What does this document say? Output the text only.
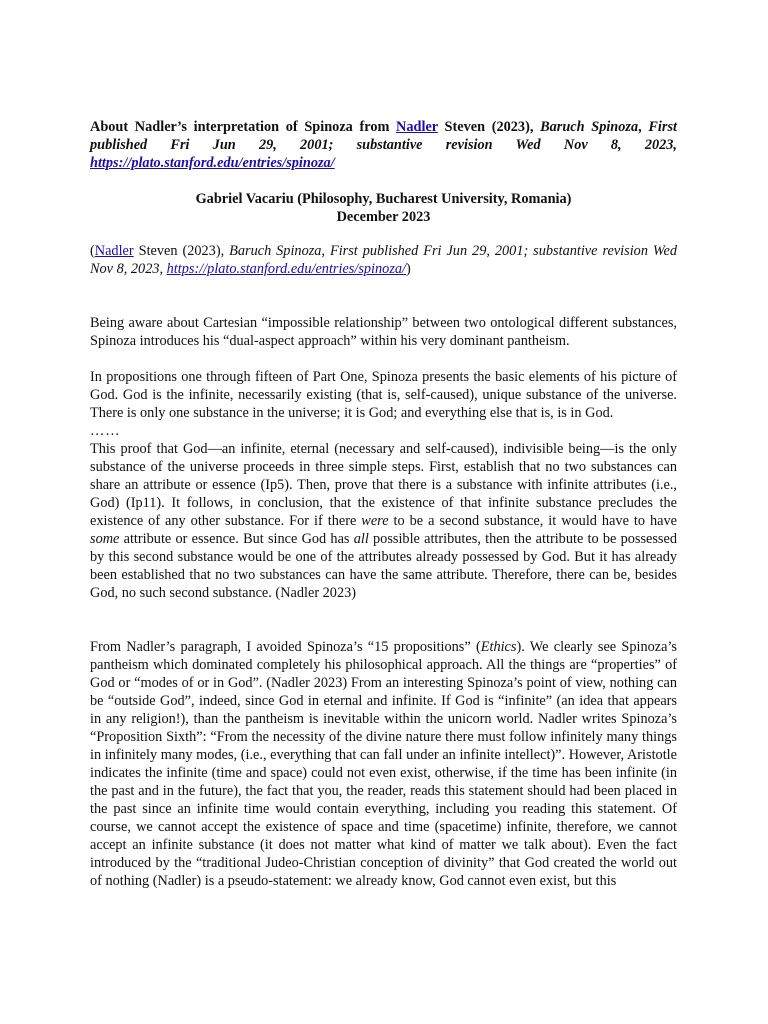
About Nadler’s interpretation of Spinoza from Nadler Steven (2023), Baruch Spinoza, First published Fri Jun 29, 2001; substantive revision Wed Nov 8, 2023, https://plato.stanford.edu/entries/spinoza/

Gabriel Vacariu (Philosophy, Bucharest University, Romania)
December 2023

(Nadler Steven (2023), Baruch Spinoza, First published Fri Jun 29, 2001; substantive revision Wed Nov 8, 2023, https://plato.stanford.edu/entries/spinoza/)

Being aware about Cartesian “impossible relationship” between two ontological different substances, Spinoza introduces his “dual-aspect approach” within his very dominant pantheism.

In propositions one through fifteen of Part One, Spinoza presents the basic elements of his picture of God. God is the infinite, necessarily existing (that is, self-caused), unique substance of the universe. There is only one substance in the universe; it is God; and everything else that is, is in God.

……

This proof that God—an infinite, eternal (necessary and self-caused), indivisible being—is the only substance of the universe proceeds in three simple steps. First, establish that no two substances can share an attribute or essence (Ip5). Then, prove that there is a substance with infinite attributes (i.e., God) (Ip11). It follows, in conclusion, that the existence of that infinite substance precludes the existence of any other substance. For if there were to be a second substance, it would have to have some attribute or essence. But since God has all possible attributes, then the attribute to be possessed by this second substance would be one of the attributes already possessed by God. But it has already been established that no two substances can have the same attribute. Therefore, there can be, besides God, no such second substance. (Nadler 2023)

From Nadler’s paragraph, I avoided Spinoza’s “15 propositions” (Ethics). We clearly see Spinoza’s pantheism which dominated completely his philosophical approach. All the things are “properties” of God or “modes of or in God”. (Nadler 2023) From an interesting Spinoza’s point of view, nothing can be “outside God”, indeed, since God in eternal and infinite. If God is “infinite” (an idea that appears in any religion!), than the pantheism is inevitable within the unicorn world. Nadler writes Spinoza’s “Proposition Sixth”: “From the necessity of the divine nature there must follow infinitely many things in infinitely many modes, (i.e., everything that can fall under an infinite intellect)”. However, Aristotle indicates the infinite (time and space) could not even exist, otherwise, if the time has been infinite (in the past and in the future), the fact that you, the reader, reads this statement should had been placed in the past since an infinite time would contain everything, including you reading this statement. Of course, we cannot accept the existence of space and time (spacetime) infinite, therefore, we cannot accept an infinite substance (it does not matter what kind of matter we talk about). Even the fact introduced by the “traditional Judeo-Christian conception of divinity” that God created the world out of nothing (Nadler) is a pseudo-statement: we already know, God cannot even exist, but this
